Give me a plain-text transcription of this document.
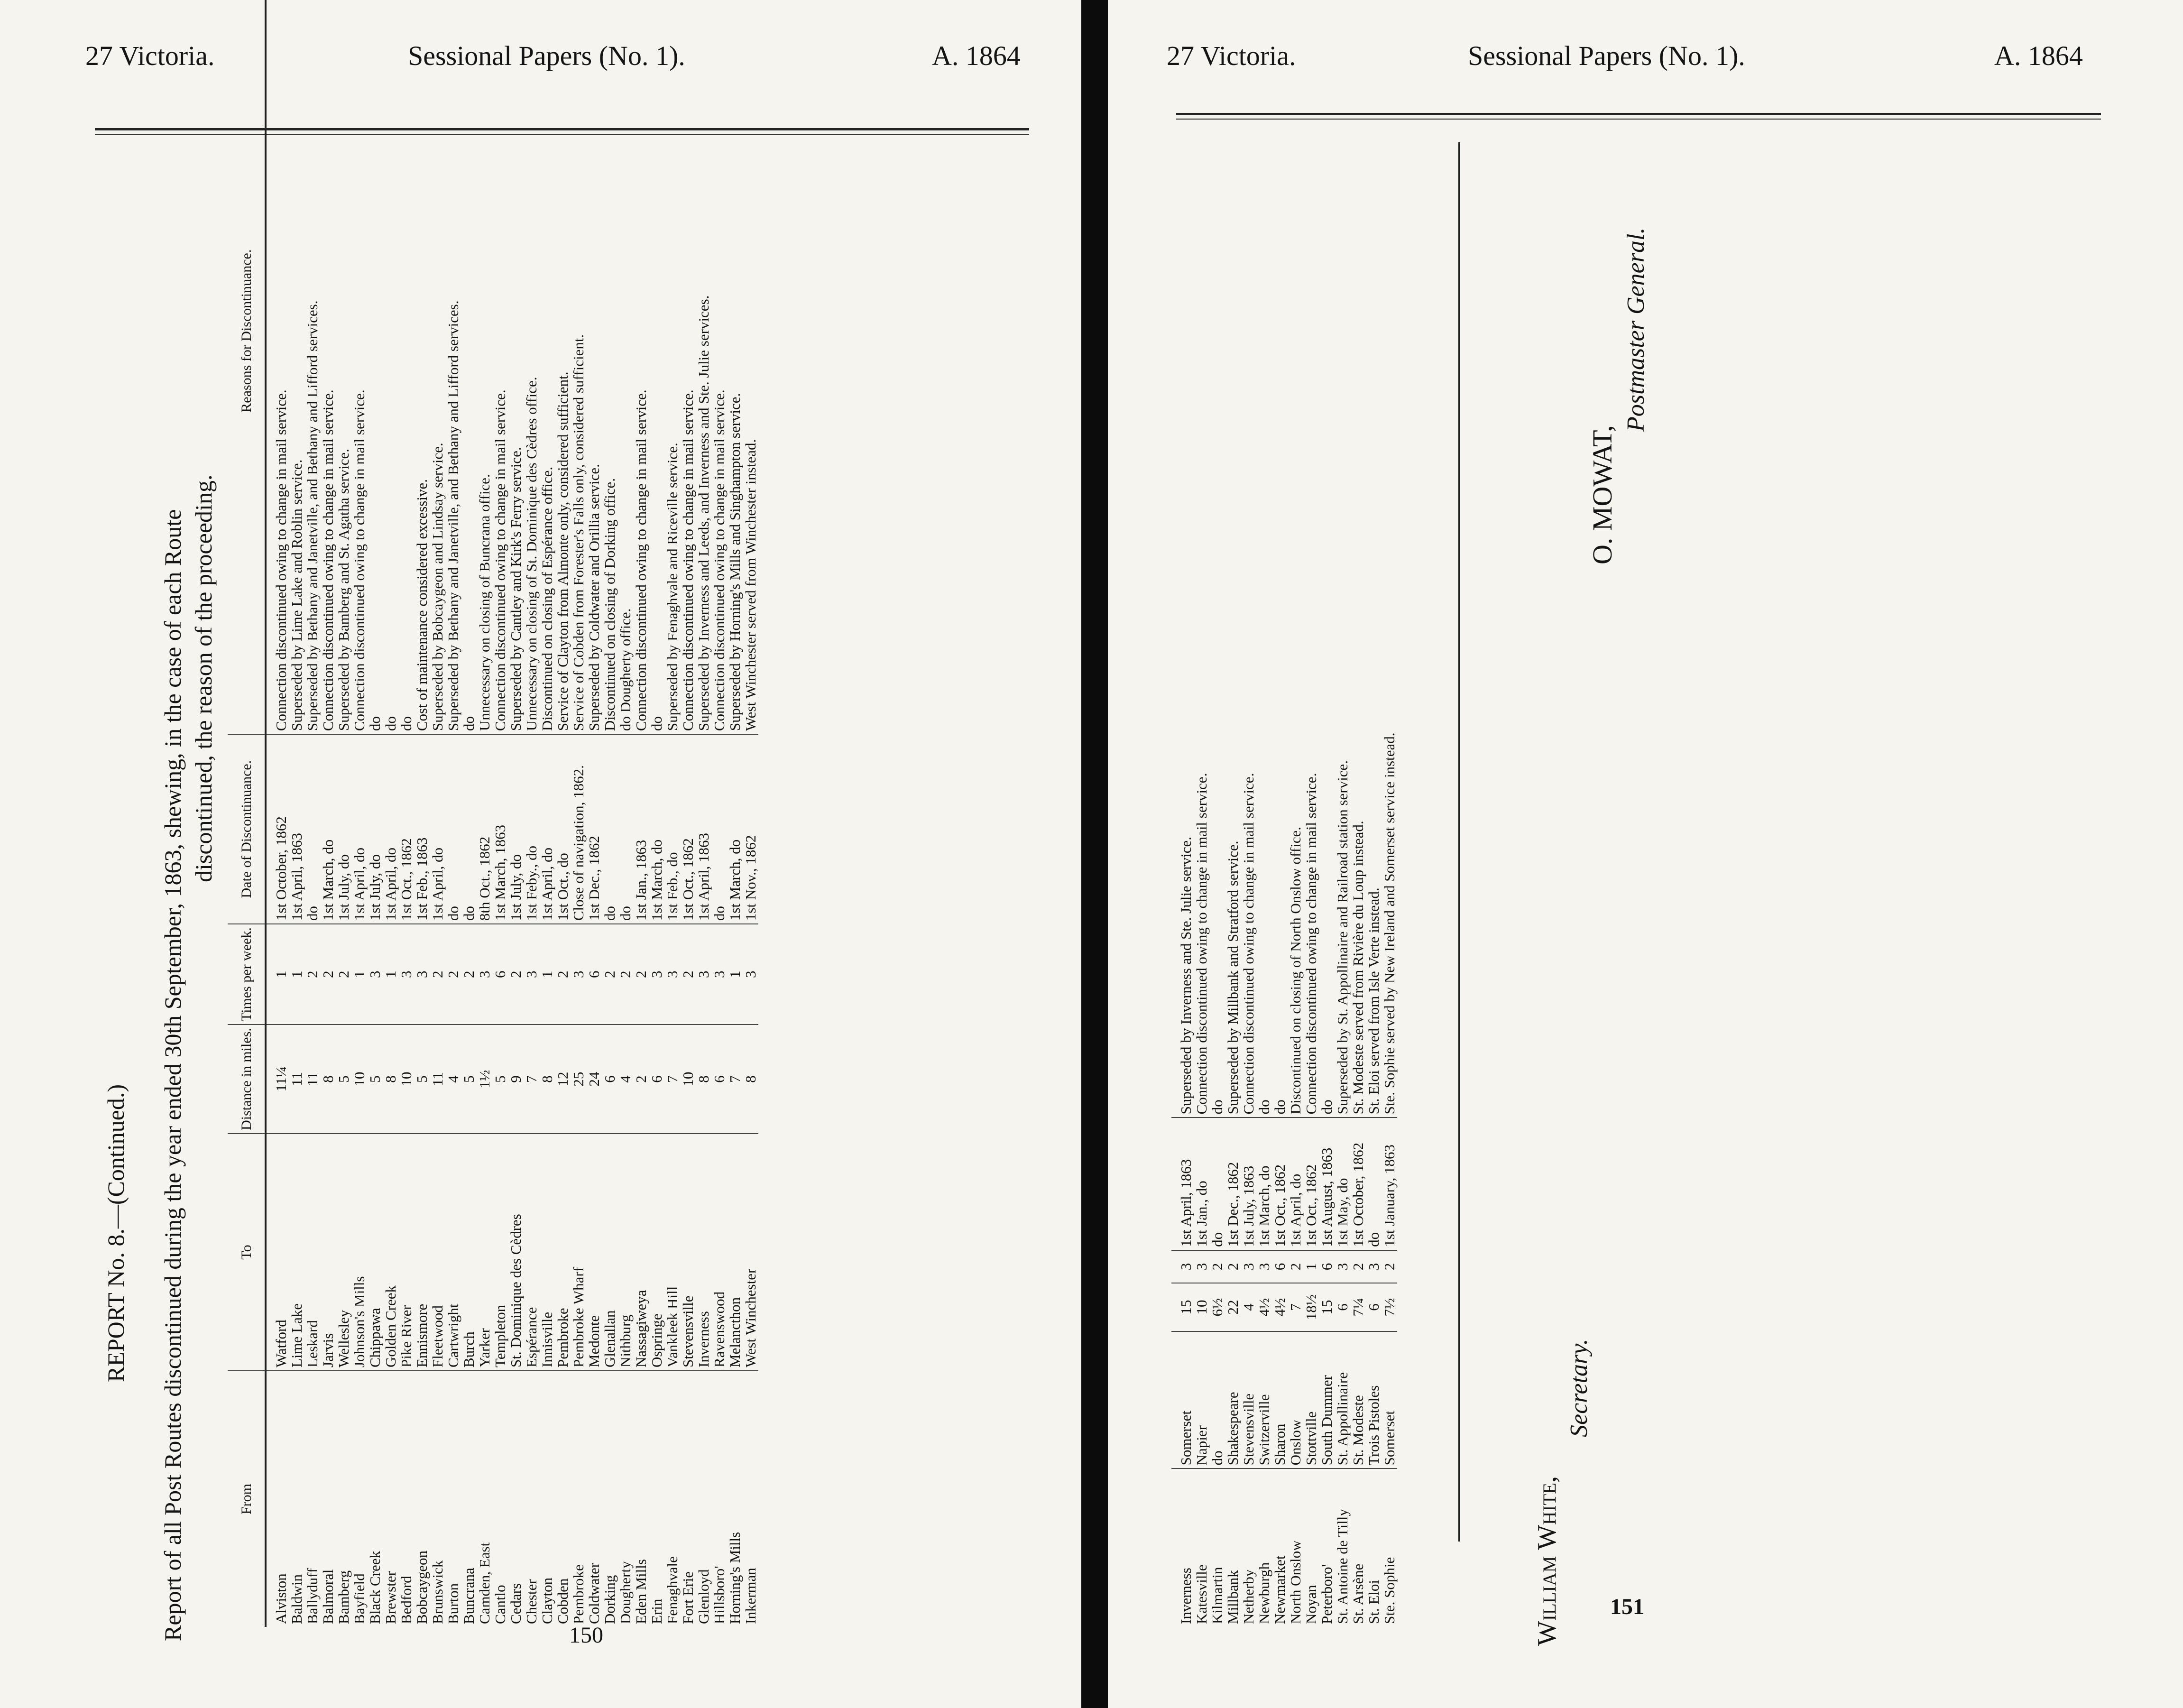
27 Victoria.	Sessional Papers (No. 1).	A. 1864
REPORT No. 8.—(Continued.) Report of all Post Routes discontinued during the year ended 30th September, 1863, shewing, in the case of each Route discontinued, the reason of the proceeding.
From	To	Distance in miles.	Times per week.	Date of Discontinuance.	Reasons for Discontinuance.
Alviston	Watford	11¼	1	1st October, 1862	Connection discontinued owing to change in mail service.
Baldwin	Lime Lake	11	1	1st April, 1863	Superseded by Lime Lake and Roblin service.
Ballyduff	Leskard	11	2	do	Superseded by Bethany and Janetville, and Bethany and Lifford services.
Balmoral	Jarvis	8	2	1st March, do	Connection discontinued owing to change in mail service.
Bamberg	Wellesley	5	2	1st July, do	Superseded by Bamberg and St. Agatha service.
Bayfield	Johnson's Mills	10	1	1st April, do	Connection discontinued owing to change in mail service.
Black Creek	Chippawa	5	3	1st July, do	do
Brewster	Golden Creek	8	1	1st April, do	do
Bedford	Pike River	10	3	1st Oct., 1862	do
Bobcaygeon	Ennismore	5	3	1st Feb., 1863	Cost of maintenance considered excessive.
Brunswick	Fleetwood	11	2	1st April, do	Superseded by Bobcaygeon and Lindsay service.
Burton	Cartwright	4	2	do	Superseded by Bethany and Janetville, and Bethany and Lifford services.
Buncrana	Burch	5	2	do	do
Camden, East	Yarker	1½	3	8th Oct., 1862	Unnecessary on closing of Buncrana office.
Cantlo	Templeton	5	6	1st March, 1863	Connection discontinued owing to change in mail service.
Cedars	St. Dominique des Cèdres	9	2	1st July, do	Superseded by Cantley and Kirk's Ferry service.
Chester	Espérance	7	3	1st Feby., do	Unnecessary on closing of St. Dominique des Cèdres office.
Clayton	Innisville	8	1	1st April, do	Discontinued on closing of Espérance office.
Cobden	Pembroke	12	2	1st Oct., do	Service of Clayton from Almonte only, considered sufficient.
Pembroke	Pembroke Wharf	25	3	Close of navigation, 1862.	Service of Cobden from Forester's Falls only, considered sufficient.
Coldwater	Medonte	24	6	1st Dec., 1862	Superseded by Coldwater and Orillia service.
Dorking	Glenallan	6	2	do	Discontinued on closing of Dorking office.
Dougherty	Nithburg	4	2	do	do Dougherty office.
Eden Mills	Nassagiweya	2	2	1st Jan., 1863	Connection discontinued owing to change in mail service.
Erin	Ospringe	6	3	1st March, do	do
Fenaghvale	Vankleek Hill	7	3	1st Feb., do	Superseded by Fenaghvale and Riceville service.
Fort Erie	Stevensville	10	2	1st Oct., 1862	Connection discontinued owing to change in mail service.
Glenloyd	Inverness	8	3	1st April, 1863	Superseded by Inverness and Leeds, and Inverness and Ste. Julie services.
Hillsboro'	Ravenswood	6	3	do	Connection discontinued owing to change in mail service.
Horning's Mills	Melancthon	7	1	1st March, do	Superseded by Horning's Mills and Singhampton service.
Inkerman	West Winchester	8	3	1st Nov., 1862	West Winchester served from Winchester instead.
150
27 Victoria.	Sessional Papers (No. 1).	A. 1864
Inverness	Somerset	15	3	1st April, 1863	Superseded by Inverness and Ste. Julie service.
Katesville	Napier	10	3	1st Jan., do	Connection discontinued owing to change in mail service.
Kilmartin	do	6½	2	do	do
Millbank	Shakespeare	22	2	1st Dec., 1862	Superseded by Millbank and Stratford service.
Netherby	Stevensville	4	3	1st July, 1863	Connection discontinued owing to change in mail service.
Newburgh	Switzerville	4½	3	1st March, do	do
Newmarket	Sharon	4½	6	1st Oct., 1862	do
North Onslow	Onslow	7	2	1st April, do	Discontinued on closing of North Onslow office.
Noyan	Stottville	18½	1	1st Oct., 1862	Connection discontinued owing to change in mail service.
Peterboro'	South Dummer	15	6	1st August, 1863	do
St. Antoine de Tilly	St. Appollinaire	6	3	1st May, do	Superseded by St. Appollinaire and Railroad station service.
St. Arsène	St. Modeste	7¼	2	1st October, 1862	St. Modeste served from Rivière du Loup instead.
St. Eloi	Trois Pistoles	6	3	do	St. Eloi served from Isle Verte instead.
Ste. Sophie	Somerset	7½	2	1st January, 1863	Ste. Sophie served by New Ireland and Somerset service instead.
William White,
Secretary.
O. MOWAT,
Postmaster General.
151
